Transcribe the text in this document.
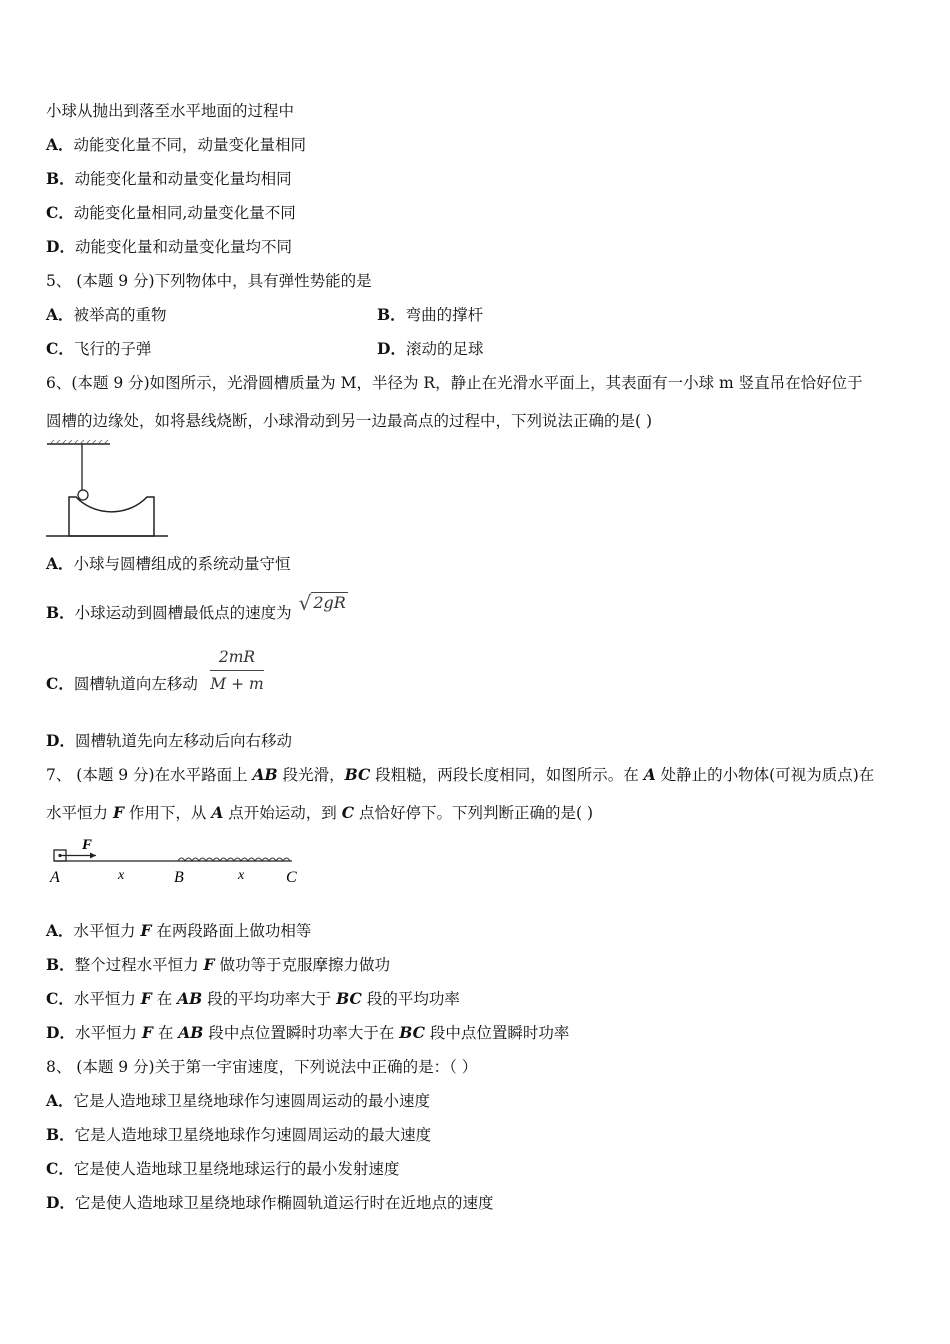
小球从抛出到落至水平地面的过程中
A．动能变化量不同，动量变化量相同
B．动能变化量和动量变化量均相同
C．动能变化量相同,动量变化量不同
D．动能变化量和动量变化量均不同
5、 (本题 9 分)下列物体中，具有弹性势能的是
A．被举高的重物	B．弯曲的撑杆
C．飞行的子弹	D．滚动的足球
6、(本题 9 分)如图所示，光滑圆槽质量为 M，半径为 R，静止在光滑水平面上，其表面有一小球 m 竖直吊在恰好位于
圆槽的边缘处，如将悬线烧断，小球滑动到另一边最高点的过程中，下列说法正确的是( )
A．小球与圆槽组成的系统动量守恒
B．小球运动到圆槽最低点的速度为 √ 2gR
C．圆槽轨道向左移动
2mR
M + m
D．圆槽轨道先向左移动后向右移动
7、 (本题 9 分)在水平路面上 AB 段光滑，BC 段粗糙，两段长度相同，如图所示。在 A 处静止的小物体(可视为质点)在
水平恒力 F 作用下，从 A 点开始运动，到 C 点恰好停下。下列判断正确的是( )
F
A	x	B	x	C
A．水平恒力 F 在两段路面上做功相等
B．整个过程水平恒力 F 做功等于克服摩擦力做功
C．水平恒力 F 在 AB 段的平均功率大于 BC 段的平均功率
D．水平恒力 F 在 AB 段中点位置瞬时功率大于在 BC 段中点位置瞬时功率
8、 (本题 9 分)关于第一宇宙速度，下列说法中正确的是：（ ）
A．它是人造地球卫星绕地球作匀速圆周运动的最小速度
B．它是人造地球卫星绕地球作匀速圆周运动的最大速度
C．它是使人造地球卫星绕地球运行的最小发射速度
D．它是使人造地球卫星绕地球作椭圆轨道运行时在近地点的速度
